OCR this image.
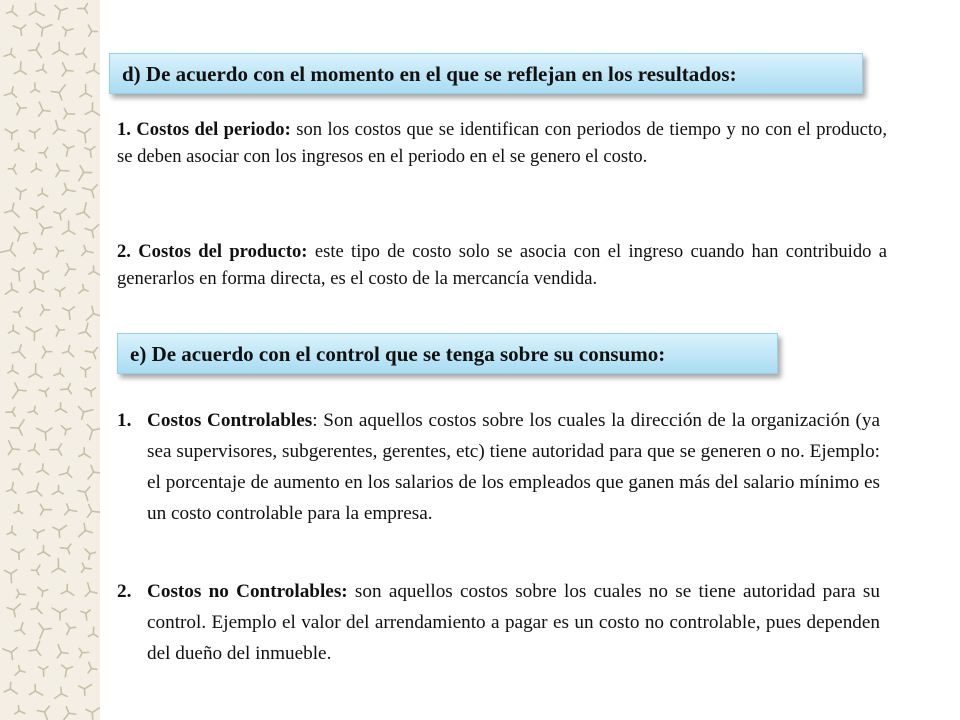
d) De acuerdo con el momento en el que se reflejan en los resultados:

1. Costos del periodo: son los costos que se identifican con periodos de tiempo y no con el producto, se deben asociar con los ingresos en el periodo en el se genero el costo.

2. Costos del producto: este tipo de costo solo se asocia con el ingreso cuando han contribuido a generarlos en forma directa, es el costo de la mercancía vendida.

e) De acuerdo con el control que se tenga sobre su consumo:
1. Costos Controlables: Son aquellos costos sobre los cuales la dirección de la organización (ya sea supervisores, subgerentes, gerentes, etc) tiene autoridad para que se generen o no. Ejemplo: el porcentaje de aumento en los salarios de los empleados que ganen más del salario mínimo es un costo controlable para la empresa.

2. Costos no Controlables: son aquellos costos sobre los cuales no se tiene autoridad para su control. Ejemplo el valor del arrendamiento a pagar es un costo no controlable, pues dependen del dueño del inmueble.
